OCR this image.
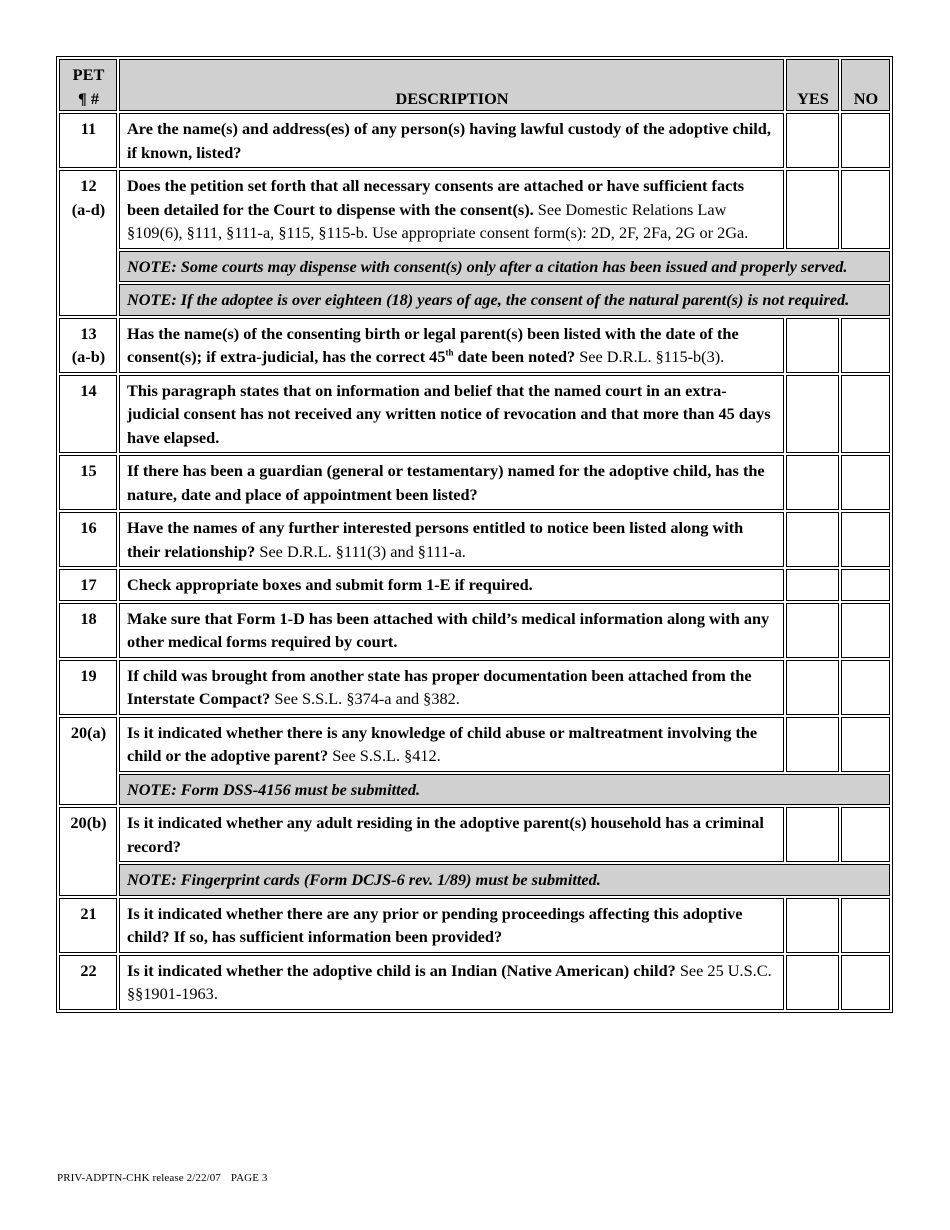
PET
¶ #	DESCRIPTION	YES	NO
11	Are the name(s) and address(es) of any person(s) having lawful custody of the adoptive child, if known, listed?		

12
(a-d)	Does the petition set forth that all necessary consents are attached or have sufficient facts been detailed for the Court to dispense with the consent(s). See Domestic Relations Law §109(6), §111, §111-a, §115, §115-b. Use appropriate consent form(s): 2D, 2F, 2Fa, 2G or 2Ga.		
	NOTE: Some courts may dispense with consent(s) only after a citation has been issued and properly served.		
	NOTE: If the adoptee is over eighteen (18) years of age, the consent of the natural parent(s) is not required.		

13
(a-b)	Has the name(s) of the consenting birth or legal parent(s) been listed with the date of the consent(s); if extra-judicial, has the correct 45th date been noted? See D.R.L. §115-b(3).		
14	This paragraph states that on information and belief that the named court in an extra-judicial consent has not received any written notice of revocation and that more than 45 days have elapsed.		
15	If there has been a guardian (general or testamentary) named for the adoptive child, has the nature, date and place of appointment been listed?		
16	Have the names of any further interested persons entitled to notice been listed along with their relationship? See D.R.L. §111(3) and §111-a.		
17	Check appropriate boxes and submit form 1-E if required.		
18	Make sure that Form 1-D has been attached with child’s medical information along with any other medical forms required by court.		
19	If child was brought from another state has proper documentation been attached from the Interstate Compact? See S.S.L. §374-a and §382.		
20(a)	Is it indicated whether there is any knowledge of child abuse or maltreatment involving the child or the adoptive parent? See S.S.L. §412.		
	NOTE: Form DSS-4156 must be submitted.		
20(b)	Is it indicated whether any adult residing in the adoptive parent(s) household has a criminal record?		
	NOTE: Fingerprint cards (Form DCJS-6 rev. 1/89) must be submitted.		
21	Is it indicated whether there are any prior or pending proceedings affecting this adoptive child? If so, has sufficient information been provided?		
22	Is it indicated whether the adoptive child is an Indian (Native American) child? See 25 U.S.C. §§1901-1963.		
PRIV-ADPTN-CHK release 2/22/07 PAGE 3
